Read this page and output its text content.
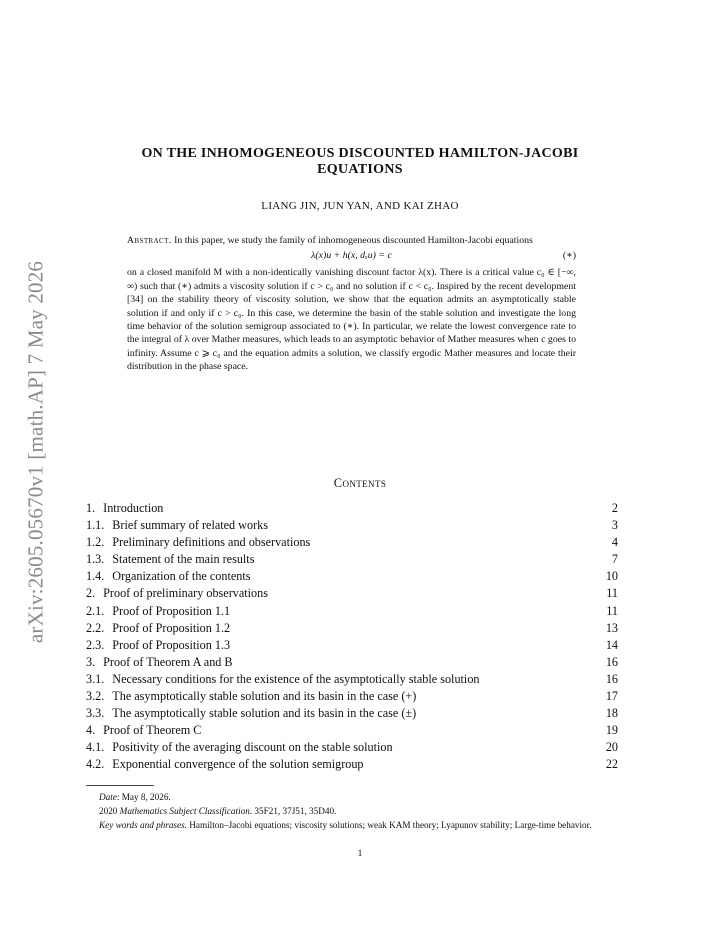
arXiv:2605.05670v1 [math.AP] 7 May 2026
ON THE INHOMOGENEOUS DISCOUNTED HAMILTON-JACOBI
EQUATIONS
LIANG JIN, JUN YAN, AND KAI ZHAO
Abstract. In this paper, we study the family of inhomogeneous discounted Hamilton-Jacobi equations
λ(x)u + h(x, dₓu) = c	(∗)
on a closed manifold M with a non-identically vanishing discount factor λ(x). There is a critical value c₀ ∈ [−∞, ∞) such that (∗) admits a viscosity solution if c > c₀ and no solution if c < c₀. Inspired by the recent development [34] on the stability theory of viscosity solution, we show that the equation admits an asymptotically stable solution if and only if c > c₀. In this case, we determine the basin of the stable solution and investigate the long time behavior of the solution semigroup associated to (∗). In particular, we relate the lowest convergence rate to the integral of λ over Mather measures, which leads to an asymptotic behavior of Mather measures when c goes to infinity. Assume c ⩾ c₀ and the equation admits a solution, we classify ergodic Mather measures and locate their distribution in the phase space.
Contents
1. Introduction	2
1.1. Brief summary of related works	3
1.2. Preliminary definitions and observations	4
1.3. Statement of the main results	7
1.4. Organization of the contents	10
2. Proof of preliminary observations	11
2.1. Proof of Proposition 1.1	11
2.2. Proof of Proposition 1.2	13
2.3. Proof of Proposition 1.3	14
3. Proof of Theorem A and B	16
3.1. Necessary conditions for the existence of the asymptotically stable solution	16
3.2. The asymptotically stable solution and its basin in the case (+)	17
3.3. The asymptotically stable solution and its basin in the case (±)	18
4. Proof of Theorem C	19
4.1. Positivity of the averaging discount on the stable solution	20
4.2. Exponential convergence of the solution semigroup	22
Date: May 8, 2026.
2020 Mathematics Subject Classification. 35F21, 37J51, 35D40.
Key words and phrases. Hamilton–Jacobi equations; viscosity solutions; weak KAM theory; Lyapunov stability; Large-time behavior.
1
